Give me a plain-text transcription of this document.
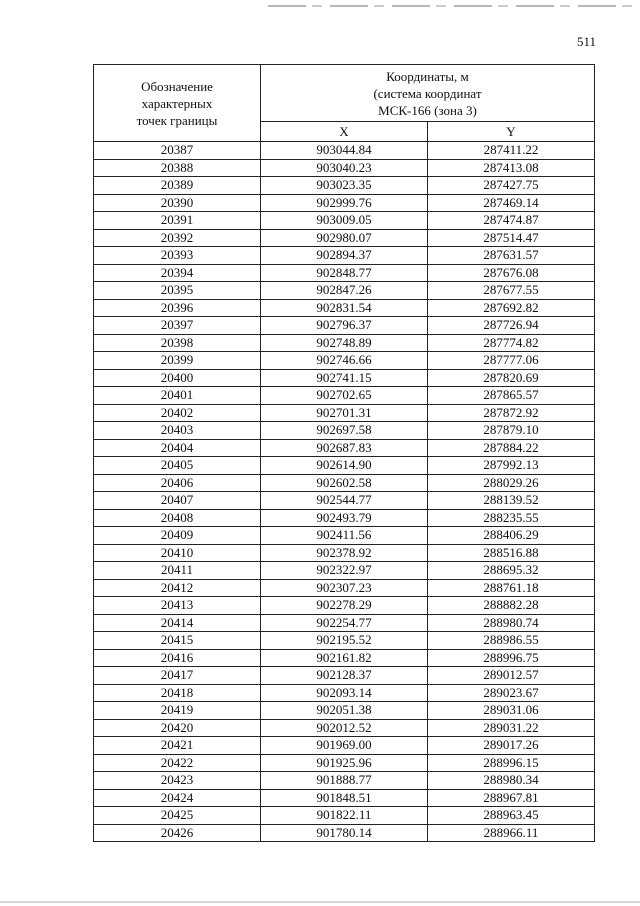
511
Обозначение
характерных
точек границы	Координаты, м
(система координат
МСК-166 (зона 3)	

	X	Y
20387	903044.84	287411.22
20388	903040.23	287413.08
20389	903023.35	287427.75
20390	902999.76	287469.14
20391	903009.05	287474.87
20392	902980.07	287514.47
20393	902894.37	287631.57
20394	902848.77	287676.08
20395	902847.26	287677.55
20396	902831.54	287692.82
20397	902796.37	287726.94
20398	902748.89	287774.82
20399	902746.66	287777.06
20400	902741.15	287820.69
20401	902702.65	287865.57
20402	902701.31	287872.92
20403	902697.58	287879.10
20404	902687.83	287884.22
20405	902614.90	287992.13
20406	902602.58	288029.26
20407	902544.77	288139.52
20408	902493.79	288235.55
20409	902411.56	288406.29
20410	902378.92	288516.88
20411	902322.97	288695.32
20412	902307.23	288761.18
20413	902278.29	288882.28
20414	902254.77	288980.74
20415	902195.52	288986.55
20416	902161.82	288996.75
20417	902128.37	289012.57
20418	902093.14	289023.67
20419	902051.38	289031.06
20420	902012.52	289031.22
20421	901969.00	289017.26
20422	901925.96	288996.15
20423	901888.77	288980.34
20424	901848.51	288967.81
20425	901822.11	288963.45
20426	901780.14	288966.11
